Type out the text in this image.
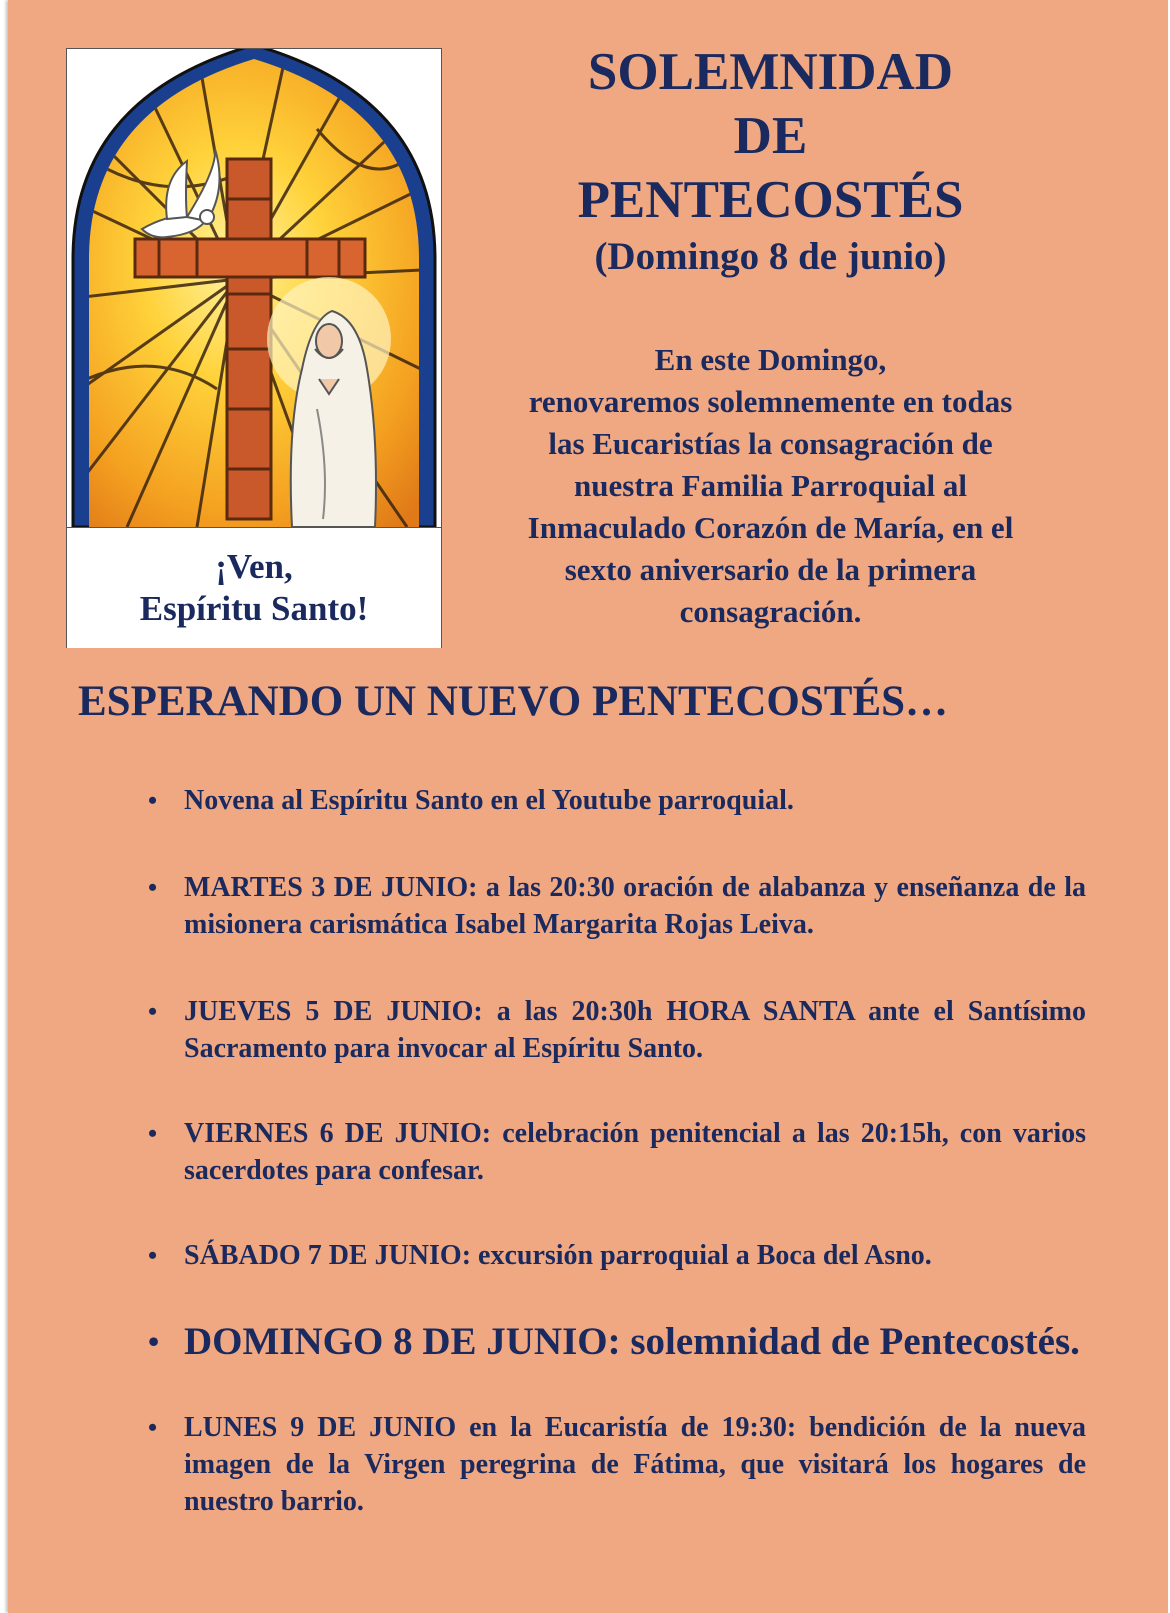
¡Ven,
Espíritu Santo!
SOLEMNIDAD
DE
PENTECOSTÉS
(Domingo 8 de junio)
En este Domingo,
renovaremos solemnemente en todas
las Eucaristías la consagración de
nuestra Familia Parroquial al
Inmaculado Corazón de María, en el
sexto aniversario de la primera
consagración.
ESPERANDO UN NUEVO PENTECOSTÉS…
• Novena al Espíritu Santo en el Youtube parroquial.
• MARTES 3 DE JUNIO: a las 20:30 oración de alabanza y enseñanza de la misionera carismática Isabel Margarita Rojas Leiva.
• JUEVES 5 DE JUNIO: a las 20:30h HORA SANTA ante el Santísimo Sacramento para invocar al Espíritu Santo.
• VIERNES 6 DE JUNIO: celebración penitencial a las 20:15h, con varios sacerdotes para confesar.
• SÁBADO 7 DE JUNIO: excursión parroquial a Boca del Asno.
• DOMINGO 8 DE JUNIO: solemnidad de Pentecostés.
• LUNES 9 DE JUNIO en la Eucaristía de 19:30: bendición de la nueva imagen de la Virgen peregrina de Fátima, que visitará los hogares de nuestro barrio.
